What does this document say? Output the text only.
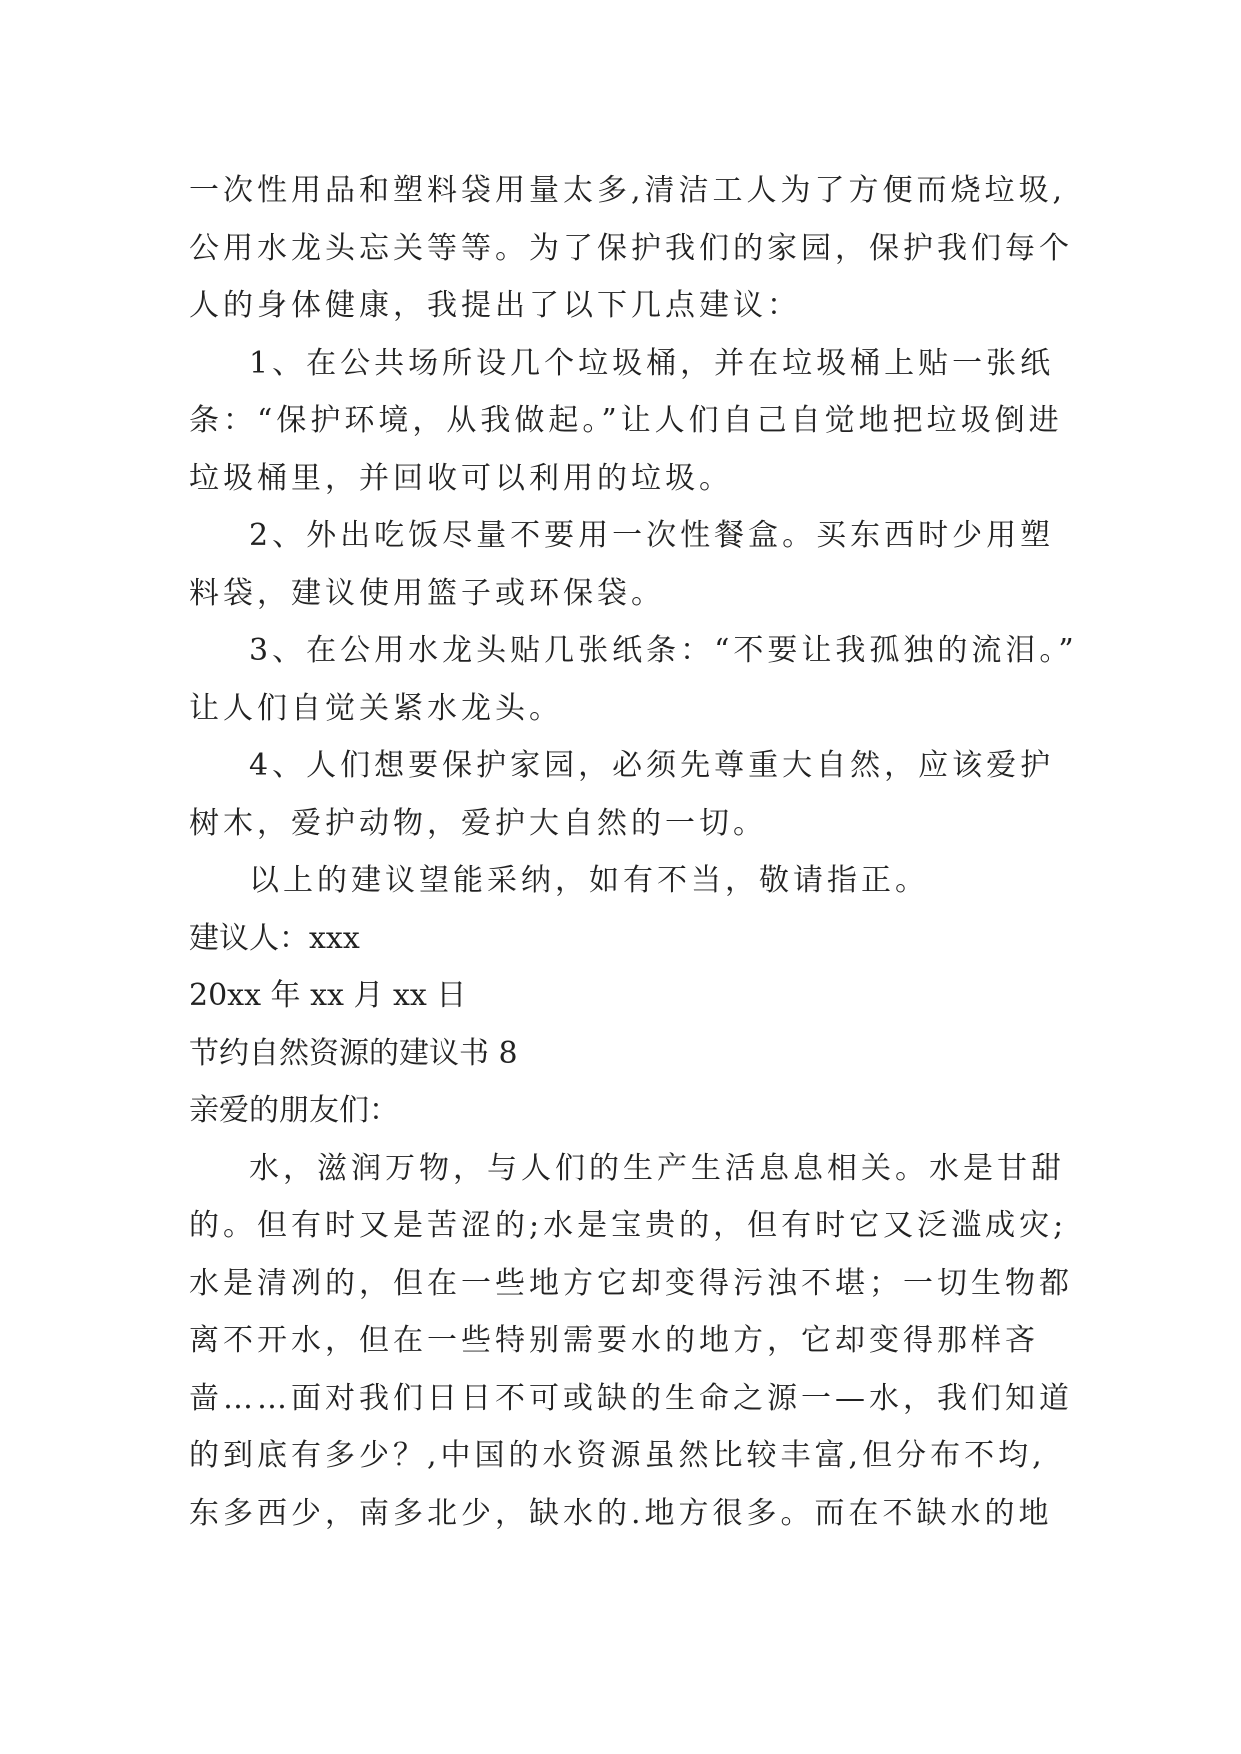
一次性用品和塑料袋用量太多,清洁工人为了方便而烧垃圾,
公用水龙头忘关等等。为了保护我们的家园，保护我们每个
人的身体健康，我提出了以下几点建议：
1、在公共场所设几个垃圾桶，并在垃圾桶上贴一张纸
条：“保护环境，从我做起。”让人们自己自觉地把垃圾倒进
垃圾桶里，并回收可以利用的垃圾。
2、外出吃饭尽量不要用一次性餐盒。买东西时少用塑
料袋，建议使用篮子或环保袋。
3、在公用水龙头贴几张纸条：“不要让我孤独的流泪。”
让人们自觉关紧水龙头。
4、人们想要保护家园，必须先尊重大自然，应该爱护
树木，爱护动物，爱护大自然的一切。
以上的建议望能采纳，如有不当，敬请指正。
建议人：xxx
20xx 年 xx 月 xx 日
节约自然资源的建议书 8
亲爱的朋友们：
水，滋润万物，与人们的生产生活息息相关。水是甘甜
的。但有时又是苦涩的;水是宝贵的，但有时它又泛滥成灾;
水是清冽的，但在一些地方它却变得污浊不堪；一切生物都
离不开水，但在一些特别需要水的地方，它却变得那样吝
啬……面对我们日日不可或缺的生命之源一—水，我们知道
的到底有多少？,中国的水资源虽然比较丰富,但分布不均,
东多西少，南多北少，缺水的.地方很多。而在不缺水的地
